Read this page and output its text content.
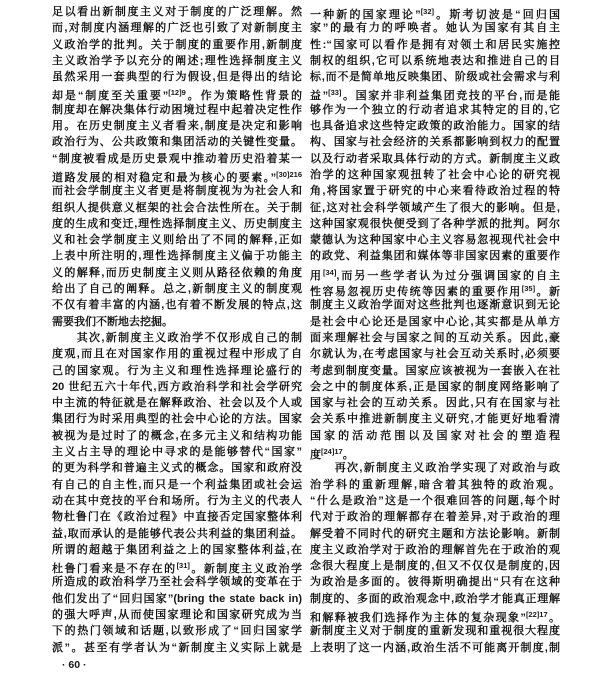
足以看出新制度主义对于制度的广泛理解。然
而,对制度内涵理解的广泛也引致了对新制度主
义政治学的批判。关于制度的重要作用,新制度
主义政治学予以充分的阐述;理性选择制度主义
虽然采用一套典型的行为假设,但是得出的结论
却是“制度至关重要”$^{[12]9}$。作为策略性背景的
制度却在解决集体行动困境过程中起着决定性作
用。在历史制度主义者看来,制度是决定和影响
政治行为、公共政策和集团活动的关键性变量。
“制度被看成是历史景观中推动着历史沿着某一
道路发展的相对稳定和最为核心的要素。”$^{[30]216}$
而社会学制度主义者更是将制度视为为社会人和
组织人提供意义框架的社会合法性所在。关于制
度的生成和变迁,理性选择制度主义、历史制度主
义和社会学制度主义则给出了不同的解释,正如
上表中所注明的,理性选择制度主义偏于功能主
义的解释,而历史制度主义则从路径依赖的角度
给出了自己的阐释。总之,新制度主义的制度观
不仅有着丰富的内涵,也有着不断发展的特点,这
需要我们不断地去挖掘。
　　其次,新制度主义政治学不仅形成自己的制
度观,而且在对国家作用的重视过程中形成了自
己的国家观。行为主义和理性选择理论盛行的
20 世纪五六十年代,西方政治科学和社会学研究
中主流的特征就是在解释政治、社会以及个人或
集团行为时采用典型的社会中心论的方法。国家
被视为是过时了的概念,在多元主义和结构功能
主义占主导的理论中寻求的是能够替代“国家”
的更为科学和普遍主义式的概念。国家和政府没
有自己的自主性,而只是一个利益集团或社会运
动在其中竞技的平台和场所。行为主义的代表人
物杜鲁门在《政治过程》中直接否定国家整体利
益,取而承认的是能够代表公共利益的集团利益。
所谓的超越于集团利益之上的国家整体利益,在
杜鲁门看来是不存在的[31]。新制度主义政治学
所造成的政治科学乃至社会科学领域的变革在于
他们发出了“回归国家”(bring the state back in)
的强大呼声,从而使国家理论和国家研究成为当
下的热门领域和话题,以致形成了“回归国家学
派”。甚至有学者认为“新制度主义实际上就是
一种新的国家理论”[32]。斯考切波是“回归国
家”的最有力的呼唤者。她认为国家有其自主
性:“国家可以看作是拥有对领土和居民实施控
制权的组织,它可以系统地表达和推进自己的目
标,而不是简单地反映集团、阶级或社会需求与利
益”[33]。国家并非利益集团竞技的平台,而是能
够作为一个独立的行动者追求其特定的目的,它
也具备追求这些特定政策的政治能力。国家的结
构、国家与社会经济的关系都影响到权力的配置
以及行动者采取具体行动的方式。新制度主义政
治学的这种国家观扭转了社会中心论的研究视
角,将国家置于研究的中心来看待政治过程的特
征,这对社会科学领域产生了很大的影响。但是,
这种国家观很快便受到了各种学派的批判。阿尔
蒙德认为这种国家中心主义容易忽视现代社会中
的政党、利益集团和媒体等非国家因素的重要作
用[34],而另一些学者认为过分强调国家的自主
性容易忽视历史传统等因素的重要作用[35]。新
制度主义政治学面对这些批判也逐渐意识到无论
是社会中心论还是国家中心论,其实都是从单方
面来理解社会与国家之间的互动关系。因此,豪
尔就认为,在考虑国家与社会互动关系时,必须要
考虑到制度变量。国家应该被视为一套嵌入在社
会之中的制度体系,正是国家的制度网络影响了
国家与社会的互动关系。因此,只有在国家与社
会关系中推进新制度主义研究,才能更好地看清
国家的活动范围以及国家对社会的塑造程
度$^{[24]17}$。
　　再次,新制度主义政治学实现了对政治与政
治学科的重新理解,暗含着其独特的政治观。
“什么是政治”这是一个很难回答的问题,每个时
代对于政治的理解都存在着差异,对于政治的理
解受着不同时代的研究主题和方法论影响。新制
度主义政治学对于政治的理解首先在于政治的观
念很大程度上是制度的,但又不仅仅是制度的,因
为政治是多面的。彼得斯明确提出“只有在这种
制度的、多面的政治观念中,政治学才能真正理解
和解释被我们选择作为主体的复杂现象”$^{[22]17}$。
新制度主义对于制度的重新发现和重视很大程度
上表明了这一内涵,政治生活不可能离开制度,制
· 60 ·
